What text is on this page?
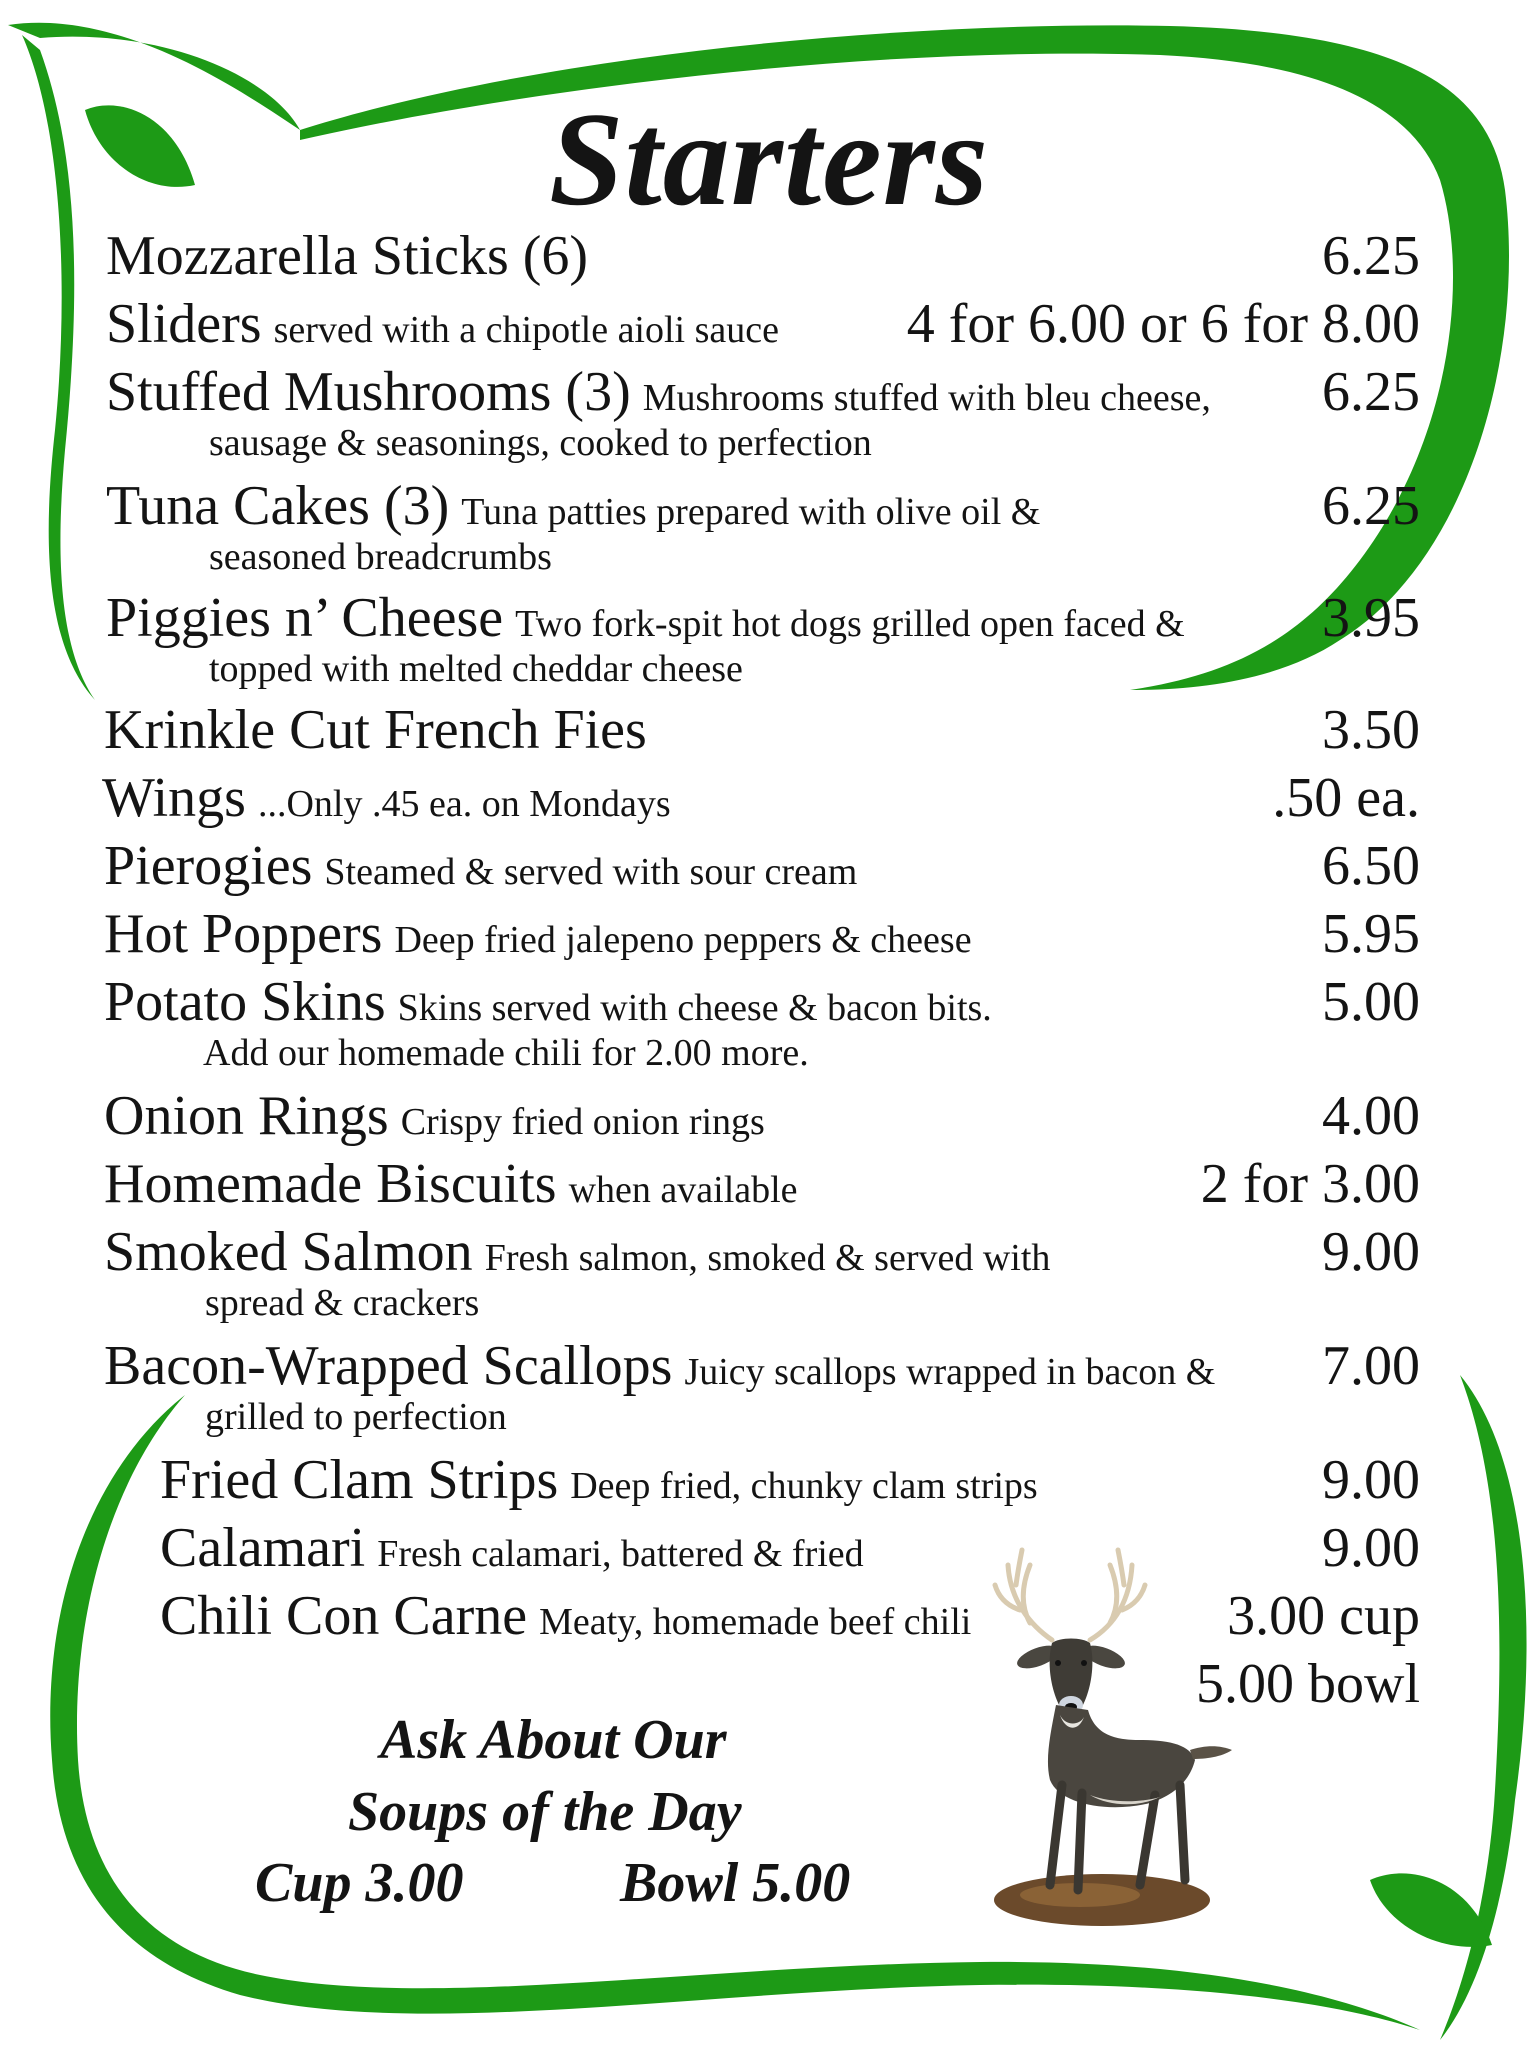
Starters
Mozzarella Sticks (6)	6.25
Sliders served with a chipotle aioli sauce	4 for 6.00 or 6 for 8.00
Stuffed Mushrooms (3) Mushrooms stuffed with bleu cheese,
sausage & seasonings, cooked to perfection
6.25
Tuna Cakes (3) Tuna patties prepared with olive oil &
seasoned breadcrumbs
6.25
Piggies n’ Cheese Two fork-spit hot dogs grilled open faced &
topped with melted cheddar cheese
3.95
Krinkle Cut French Fies	3.50
Wings ...Only .45 ea. on Mondays	.50 ea.
Pierogies Steamed & served with sour cream	6.50
Hot Poppers Deep fried jalepeno peppers & cheese	5.95
Potato Skins Skins served with cheese & bacon bits.
Add our homemade chili for 2.00 more.
5.00
Onion Rings Crispy fried onion rings	4.00
Homemade Biscuits when available	2 for 3.00
Smoked Salmon Fresh salmon, smoked & served with
spread & crackers
9.00
Bacon-Wrapped Scallops Juicy scallops wrapped in bacon &
grilled to perfection
7.00
Fried Clam Strips Deep fried, chunky clam strips	9.00
Calamari Fresh calamari, battered & fried	9.00
Chili Con Carne Meaty, homemade beef chili	3.00 cup
5.00 bowl
Ask About Our
Soups of the Day
Cup 3.00	Bowl 5.00
